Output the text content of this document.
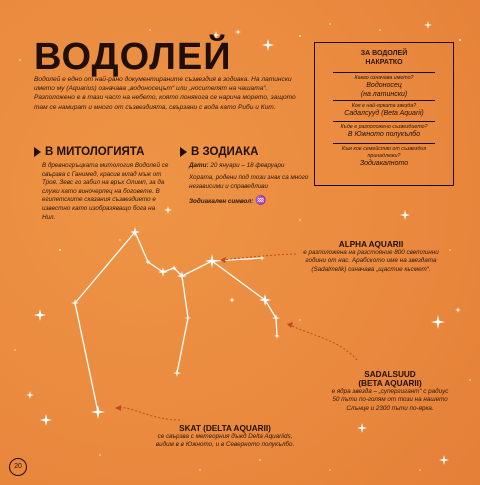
ВОДОЛЕЙ
Водолей е едно от най-рано документираните съзвездия в зодиака. На латински името му (Aquarius) означава „водоносецът“ или „носителят на чашата“. Разположено е в тази част на небето, която понякога се нарича морето, защото там се намират и много от съзвездията, свързани с вода като Риби и Кит.
ЗА ВОДОЛЕЙ
НАКРАТКО
Какво означава името?
Водоносец
(на латински)
Коя е най-ярката звезда?
Садалсууд (Beta Aquarii)
Къде е разположено съзвездието?
В Южното полукълбо
Към кое семейство от съзвездия принадлежи?
Зодиакалното
В МИТОЛОГИЯТА
В древногръцката митология Водолей се свързва с Ганимед, красив млад мъж от Троя. Зевс го забил на връх Олимп, за да служи като виночерпец на боговете. В египетските сказания съзвездието е известно като изобразяващо бога на Нил.
В ЗОДИАКА
Дати: 20 януари – 18 февруари
Хората, родени под този знак са много независими и справедливи
Зодиакален символ: ♒
ALPHA AQUARII
е разположена на разстояние 800 светлинни години от нас. Арабското име на звездата (Sadalmelik) означава „щастие кьсмет“.
SADALSUUD
(BETA AQUARII)
е ядра звезда – „супергигант“ с радиус 50 пъти по-голям от този на нашето Слънце и 2300 пъти по-ярка.
SKAT (DELTA AQUARII)
се свързва с метеорния дъжд Delta Aquariids, видим в в Южното, и в Северното полукълбо.
20
